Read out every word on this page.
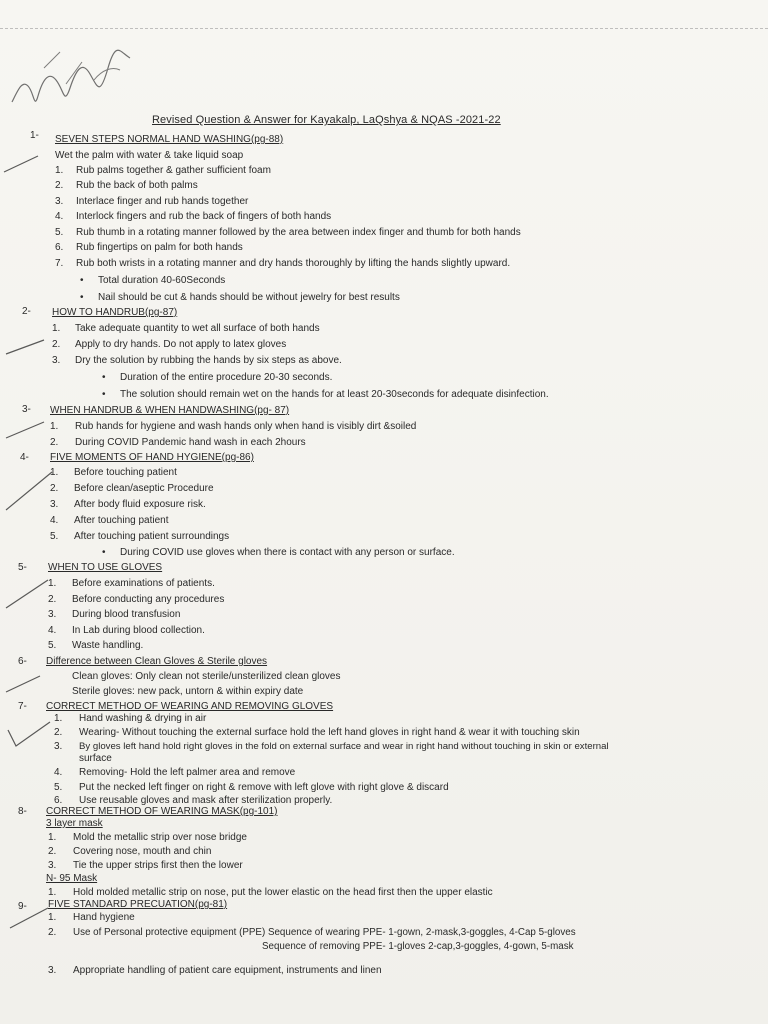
Revised Question & Answer for Kayakalp, LaQshya & NQAS -2021-22
1- SEVEN STEPS NORMAL HAND WASHING(pg-88)
Wet the palm with water & take liquid soap
1. Rub palms together & gather sufficient foam
2. Rub the back of both palms
3. Interlace finger and rub hands together
4. Interlock fingers and rub the back of fingers of both hands
5. Rub thumb in a rotating manner followed by the area between index finger and thumb for both hands
6. Rub fingertips on palm for both hands
7. Rub both wrists in a rotating manner and dry hands thoroughly by lifting the hands slightly upward.
• Total duration 40-60Seconds
• Nail should be cut & hands should be without jewelry for best results
2- HOW TO HANDRUB(pg-87)
1. Take adequate quantity to wet all surface of both hands
2. Apply to dry hands. Do not apply to latex gloves
3. Dry the solution by rubbing the hands by six steps as above.
• Duration of the entire procedure 20-30 seconds.
• The solution should remain wet on the hands for at least 20-30seconds for adequate disinfection.
3- WHEN HANDRUB & WHEN HANDWASHING(pg- 87)
1. Rub hands for hygiene and wash hands only when hand is visibly dirt &soiled
2. During COVID Pandemic hand wash in each 2hours
4- FIVE MOMENTS OF HAND HYGIENE(pg-86)
1. Before touching patient
2. Before clean/aseptic Procedure
3. After body fluid exposure risk.
4. After touching patient
5. After touching patient surroundings
• During COVID use gloves when there is contact with any person or surface.
5- WHEN TO USE GLOVES
1. Before examinations of patients.
2. Before conducting any procedures
3. During blood transfusion
4. In Lab during blood collection.
5. Waste handling.
6- Difference between Clean Gloves & Sterile gloves
Clean gloves: Only clean not sterile/unsterilized clean gloves
Sterile gloves: new pack, untorn & within expiry date
7- CORRECT METHOD OF WEARING AND REMOVING GLOVES
1. Hand washing & drying in air
2. Wearing- Without touching the external surface hold the left hand gloves in right hand & wear it with touching skin
3. By gloves left hand hold right gloves in the fold on external surface and wear in right hand without touching in skin or external
surface
4. Removing- Hold the left palmer area and remove
5. Put the necked left finger on right & remove with left glove with right glove & discard
6. Use reusable gloves and mask after sterilization properly.
8- CORRECT METHOD OF WEARING MASK(pg-101)
3 layer mask
1. Mold the metallic strip over nose bridge
2. Covering nose, mouth and chin
3. Tie the upper strips first then the lower
N- 95 Mask
1. Hold molded metallic strip on nose, put the lower elastic on the head first then the upper elastic
9- FIVE STANDARD PRECUATION(pg-81)
1. Hand hygiene
2. Use of Personal protective equipment (PPE) Sequence of wearing PPE- 1-gown, 2-mask,3-goggles, 4-Cap 5-gloves
Sequence of removing PPE- 1-gloves 2-cap,3-goggles, 4-gown, 5-mask
3. Appropriate handling of patient care equipment, instruments and linen
